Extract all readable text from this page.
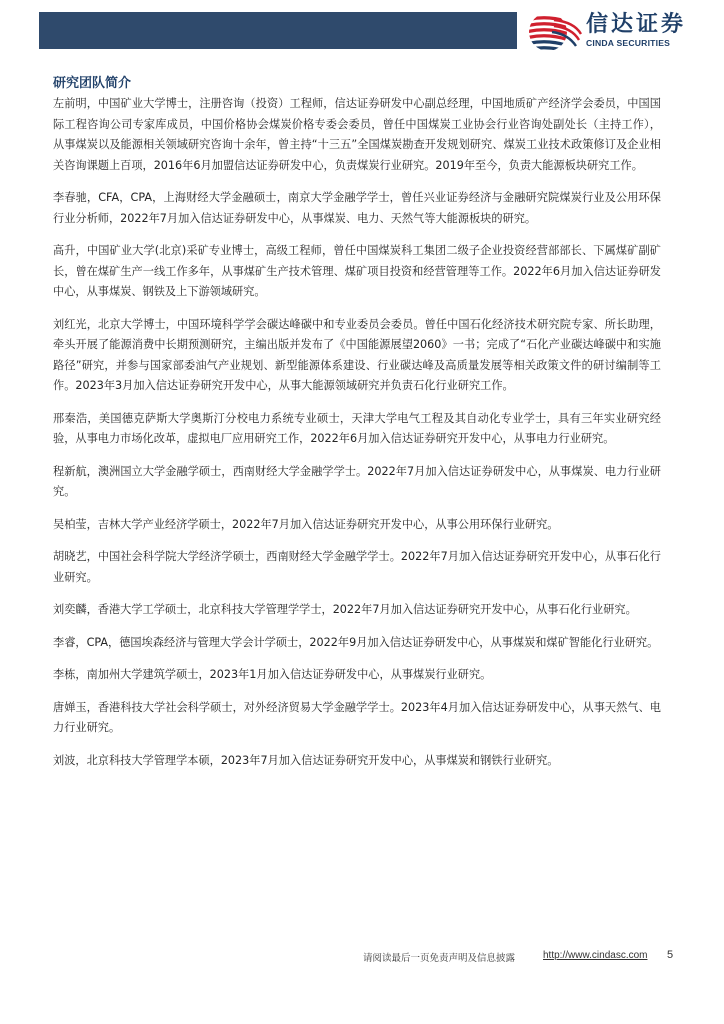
信达证券
CINDA SECURITIES
研究团队简介

左前明，中国矿业大学博士，注册咨询（投资）工程师，信达证券研发中心副总经理，中国地质矿产经济学会委员，中国国际工程咨询公司专家库成员，中国价格协会煤炭价格专委会委员，曾任中国煤炭工业协会行业咨询处副处长（主持工作），从事煤炭以及能源相关领域研究咨询十余年，曾主持“十三五”全国煤炭勘查开发规划研究、煤炭工业技术政策修订及企业相关咨询课题上百项，2016年6月加盟信达证券研发中心，负责煤炭行业研究。2019年至今，负责大能源板块研究工作。

李春驰，CFA，CPA，上海财经大学金融硕士，南京大学金融学学士，曾任兴业证券经济与金融研究院煤炭行业及公用环保行业分析师，2022年7月加入信达证券研发中心，从事煤炭、电力、天然气等大能源板块的研究。

高升，中国矿业大学(北京)采矿专业博士，高级工程师，曾任中国煤炭科工集团二级子企业投资经营部部长、下属煤矿副矿长，曾在煤矿生产一线工作多年，从事煤矿生产技术管理、煤矿项目投资和经营管理等工作。2022年6月加入信达证券研发中心，从事煤炭、钢铁及上下游领域研究。

刘红光，北京大学博士，中国环境科学学会碳达峰碳中和专业委员会委员。曾任中国石化经济技术研究院专家、所长助理，牵头开展了能源消费中长期预测研究，主编出版并发布了《中国能源展望2060》一书；完成了“石化产业碳达峰碳中和实施路径”研究，并参与国家部委油气产业规划、新型能源体系建设、行业碳达峰及高质量发展等相关政策文件的研讨编制等工作。2023年3月加入信达证券研究开发中心，从事大能源领域研究并负责石化行业研究工作。

邢秦浩，美国德克萨斯大学奥斯汀分校电力系统专业硕士，天津大学电气工程及其自动化专业学士，具有三年实业研究经验，从事电力市场化改革，虚拟电厂应用研究工作，2022年6月加入信达证券研究开发中心，从事电力行业研究。

程新航，澳洲国立大学金融学硕士，西南财经大学金融学学士。2022年7月加入信达证券研发中心，从事煤炭、电力行业研究。

吴柏莹，吉林大学产业经济学硕士，2022年7月加入信达证券研究开发中心，从事公用环保行业研究。

胡晓艺，中国社会科学院大学经济学硕士，西南财经大学金融学学士。2022年7月加入信达证券研究开发中心，从事石化行业研究。

刘奕麟，香港大学工学硕士，北京科技大学管理学学士，2022年7月加入信达证券研究开发中心，从事石化行业研究。

李睿，CPA，德国埃森经济与管理大学会计学硕士，2022年9月加入信达证券研发中心，从事煤炭和煤矿智能化行业研究。

李栋，南加州大学建筑学硕士，2023年1月加入信达证券研发中心，从事煤炭行业研究。

唐婵玉，香港科技大学社会科学硕士，对外经济贸易大学金融学学士。2023年4月加入信达证券研发中心，从事天然气、电力行业研究。

刘波，北京科技大学管理学本硕，2023年7月加入信达证券研究开发中心，从事煤炭和钢铁行业研究。

请阅读最后一页免责声明及信息披露	http://www.cindasc.com 5
